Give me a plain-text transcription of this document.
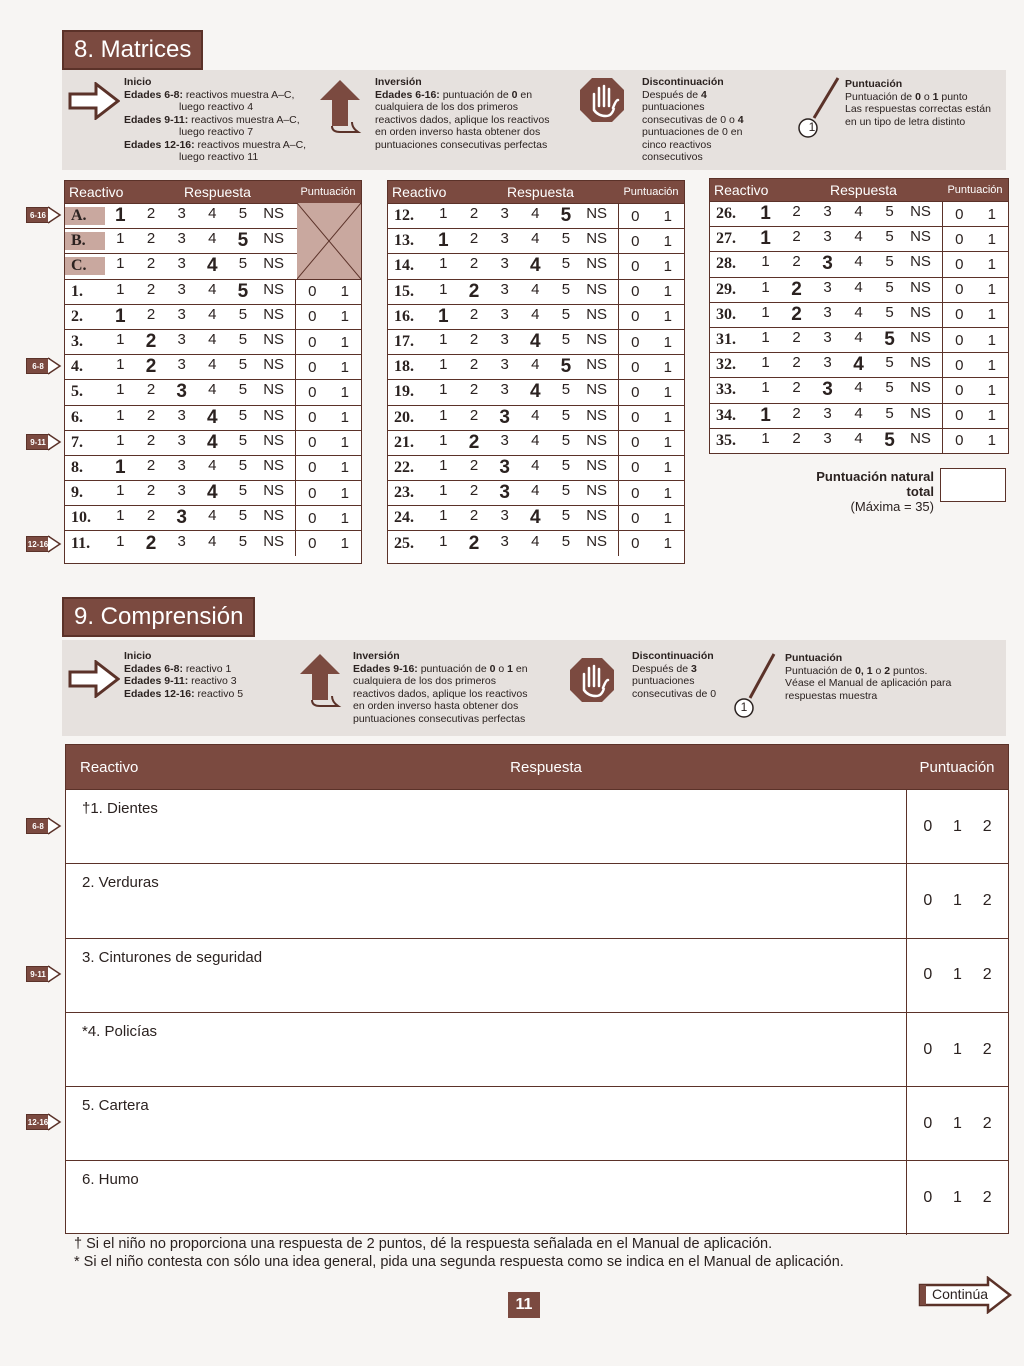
8. Matrices
Inicio
Edades 6-8: reactivos muestra A–C,
luego reactivo 4
Edades 9-11: reactivos muestra A–C,
luego reactivo 7
Edades 12-16: reactivos muestra A–C,
luego reactivo 11
Inversión
Edades 6-16: puntuación de 0 en
cualquiera de los dos primeros
reactivos dados, aplique los reactivos
en orden inverso hasta obtener dos
puntuaciones consecutivas perfectas
Discontinuación
Después de 4
puntuaciones
consecutivas de 0 o 4
puntuaciones de 0 en
cinco reactivos
consecutivos
1
Puntuación
Puntuación de 0 o 1 punto
Las respuestas correctas están
en un tipo de letra distinto
Reactivo	Respuesta	Puntuación
A.	1	2	3	4	5	NS
B.	1	2	3	4	5 NS
C.	1	2	3	4	5	NS
1.	1	2	3	4	5 NS 0 1
2.	1	2	3	4	5	NS 0 1
3.	1	2	3	4	5	NS 0 1
4.	1	2	3	4	5	NS 0 1
5.	1	2	3	4	5	NS 0 1
6.	1	2	3	4	5	NS 0 1
7.	1	2	3	4	5	NS 0 1
8.	1	2	3	4	5	NS 0 1
9.	1	2	3	4	5	NS 0 1
10.	1	2	3	4	5	NS 0 1
11.	1	2	3	4	5	NS 0 1
Reactivo	Respuesta	Puntuación
12.	1	2	3	4	5 NS 0 1
13.	1	2	3	4	5	NS 0 1
14.	1	2	3	4	5	NS 0 1
15.	1	2	3	4	5	NS 0 1
16.	1	2	3	4	5	NS 0 1
17.	1	2	3	4	5	NS 0 1
18.	1	2	3	4	5 NS 0 1
19.	1	2	3	4	5	NS 0 1
20.	1	2	3	4	5	NS 0 1
21.	1	2	3	4	5	NS 0 1
22.	1	2	3	4	5	NS 0 1
23.	1	2	3	4	5	NS 0 1
24.	1	2	3	4	5	NS 0 1
25.	1	2	3	4	5	NS 0 1
Reactivo	Respuesta	Puntuación
26.	1	2	3	4	5	NS 0 1
27.	1	2	3	4	5	NS 0 1
28.	1	2	3	4	5	NS 0 1
29.	1	2	3	4	5	NS 0 1
30.	1	2	3	4	5	NS 0 1
31.	1	2	3	4	5	NS 0 1
32.	1	2	3	4	5	NS 0 1
33.	1	2	3	4	5	NS 0 1
34.	1	2	3	4	5	NS 0 1
35.	1	2	3	4	5	NS 0 1
6-16
6-8
9-11
12-16
Puntuación natural total
(Máxima = 35)
9. Comprensión
Inicio
Edades 6-8: reactivo 1
Edades 9-11: reactivo 3
Edades 12-16: reactivo 5
Inversión
Edades 9-16: puntuación de 0 o 1 en
cualquiera de los dos primeros
reactivos dados, aplique los reactivos
en orden inverso hasta obtener dos
puntuaciones consecutivas perfectas
Discontinuación
Después de 3
puntuaciones
consecutivas de 0
1
Puntuación
Puntuación de 0, 1 o 2 puntos.
Véase el Manual de aplicación para
respuestas muestra
Reactivo	Respuesta	Puntuación
†1. Dientes
0 1 2
2. Verduras
0 1 2
3. Cinturones de seguridad
0 1 2
*4. Policías
0 1 2
5. Cartera
0 1 2
6. Humo
0 1 2
6-8
9-11
12-16
† Si el niño no proporciona una respuesta de 2 puntos, dé la respuesta señalada en el Manual de aplicación.
* Si el niño contesta con sólo una idea general, pida una segunda respuesta como se indica en el Manual de aplicación.
11
Continúa
